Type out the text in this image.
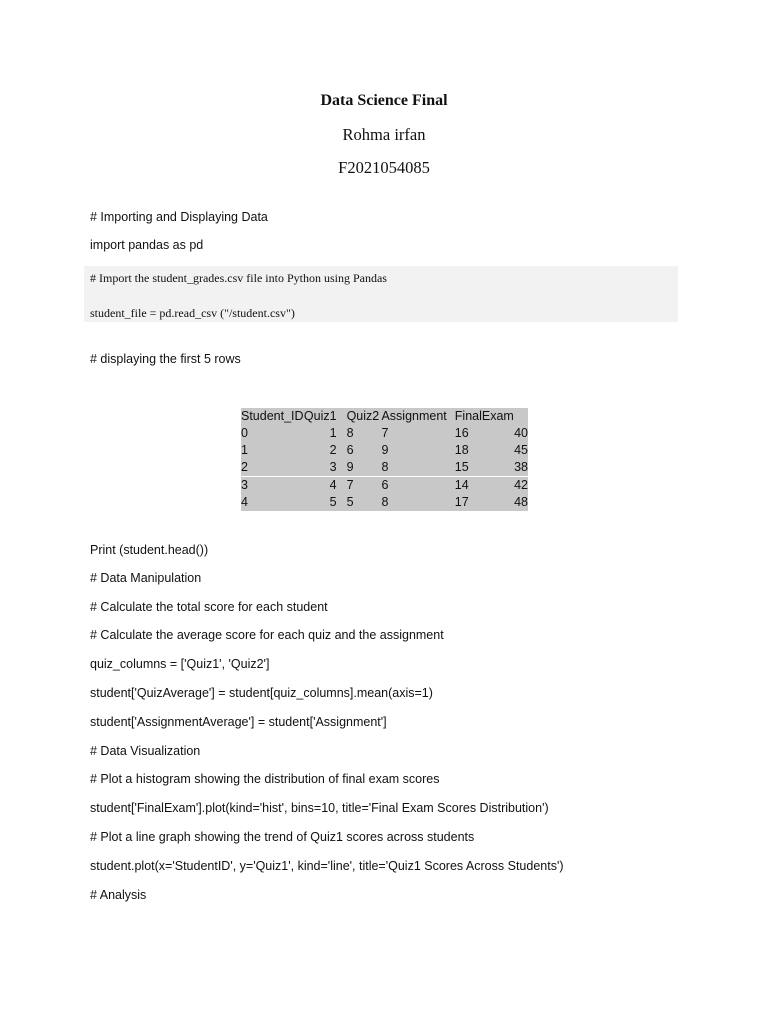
Data Science Final
Rohma irfan
F2021054085
# Importing and Displaying Data
import pandas as pd
# Import the student_grades.csv file into Python using Pandas
student_file = pd.read_csv ("/student.csv")
# displaying the first 5 rows
Student_ID	Quiz1	Quiz2	Assignment	FinalExam	
0	1	8	7	16	40
1	2	6	9	18	45
2	3	9	8	15	38
3	4	7	6	14	42
4	5	5	8	17	48
Print (student.head())
# Data Manipulation
# Calculate the total score for each student
# Calculate the average score for each quiz and the assignment
quiz_columns = ['Quiz1', 'Quiz2']
student['QuizAverage'] = student[quiz_columns].mean(axis=1)
student['AssignmentAverage'] = student['Assignment']
# Data Visualization
# Plot a histogram showing the distribution of final exam scores
student['FinalExam'].plot(kind='hist', bins=10, title='Final Exam Scores Distribution')
# Plot a line graph showing the trend of Quiz1 scores across students
student.plot(x='StudentID', y='Quiz1', kind='line', title='Quiz1 Scores Across Students')
# Analysis
